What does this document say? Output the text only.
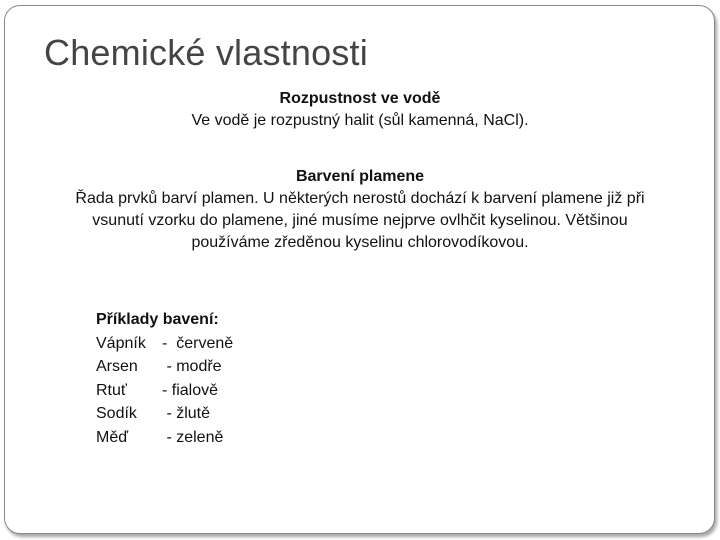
Chemické vlastnosti
Rozpustnost ve vodě
Ve vodě je rozpustný halit (sůl kamenná, NaCl).
Barvení plamene
Řada prvků barví plamen. U některých nerostů dochází k barvení plamene již při
vsunutí vzorku do plamene, jiné musíme nejprve ovlhčit kyselinou. Většinou
používáme zředěnou kyselinu chlorovodíkovou.
Příklady bavení:
Vápník -  červeně
Arsen - modře
Rtuť - fialově
Sodík - žlutě
Měď - zeleně
